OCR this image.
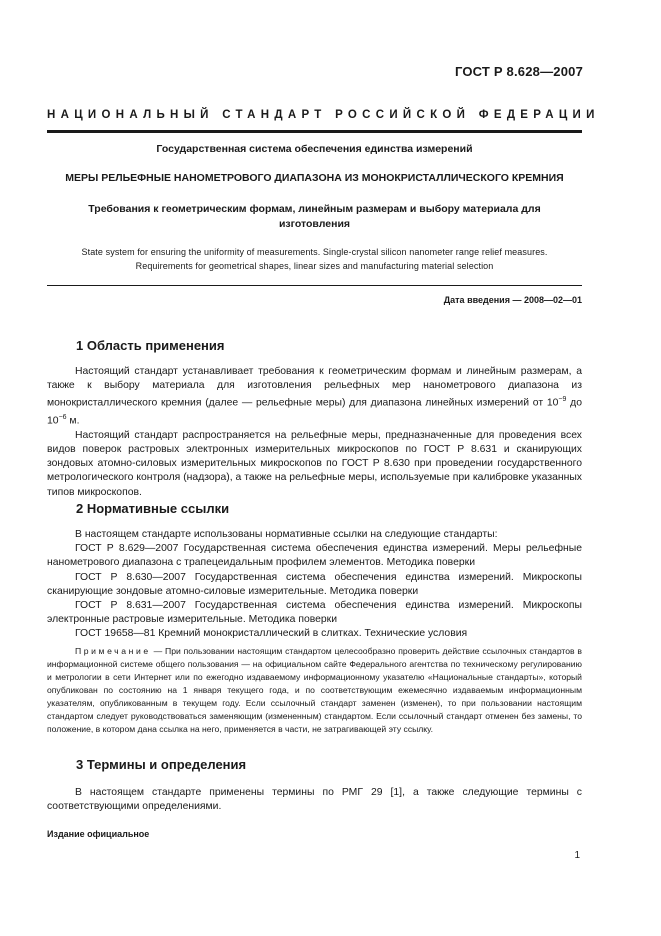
ГОСТ Р 8.628—2007
НАЦИОНАЛЬНЫЙ СТАНДАРТ РОССИЙСКОЙ ФЕДЕРАЦИИ
Государственная система обеспечения единства измерений
МЕРЫ РЕЛЬЕФНЫЕ НАНОМЕТРОВОГО ДИАПАЗОНА ИЗ МОНОКРИСТАЛЛИЧЕСКОГО КРЕМНИЯ
Требования к геометрическим формам, линейным размерам и выбору материала для
изготовления
State system for ensuring the uniformity of measurements. Single-crystal silicon nanometer range relief measures.
Requirements for geometrical shapes, linear sizes and manufacturing material selection
Дата введения — 2008—02—01
1 Область применения

Настоящий стандарт устанавливает требования к геометрическим формам и линейным размерам, а также к выбору материала для изготовления рельефных мер нанометрового диапазона из монокристаллического кремния (далее — рельефные меры) для диапазона линейных измерений от $10^{-9}$ до $10^{-6}$ м.

Настоящий стандарт распространяется на рельефные меры, предназначенные для проведения всех видов поверок растровых электронных измерительных микроскопов по ГОСТ Р 8.631 и сканирующих зондовых атомно-силовых измерительных микроскопов по ГОСТ Р 8.630 при проведении государственного метрологического контроля (надзора), а также на рельефные меры, используемые при калибровке указанных типов микроскопов.

2 Нормативные ссылки

В настоящем стандарте использованы нормативные ссылки на следующие стандарты:

ГОСТ Р 8.629—2007 Государственная система обеспечения единства измерений. Меры рельефные нанометрового диапазона с трапецеидальным профилем элементов. Методика поверки

ГОСТ Р 8.630—2007 Государственная система обеспечения единства измерений. Микроскопы сканирующие зондовые атомно-силовые измерительные. Методика поверки

ГОСТ Р 8.631—2007 Государственная система обеспечения единства измерений. Микроскопы электронные растровые измерительные. Методика поверки

ГОСТ 19658—81 Кремний монокристаллический в слитках. Технические условия

Примечание — При пользовании настоящим стандартом целесообразно проверить действие ссылочных стандартов в информационной системе общего пользования — на официальном сайте Федерального агентства по техническому регулированию и метрологии в сети Интернет или по ежегодно издаваемому информационному указателю «Национальные стандарты», который опубликован по состоянию на 1 января текущего года, и по соответствующим ежемесячно издаваемым информационным указателям, опубликованным в текущем году. Если ссылочный стандарт заменен (изменен), то при пользовании настоящим стандартом следует руководствоваться заменяющим (измененным) стандартом. Если ссылочный стандарт отменен без замены, то положение, в котором дана ссылка на него, применяется в части, не затрагивающей эту ссылку.

3 Термины и определения

В настоящем стандарте применены термины по РМГ 29 [1], а также следующие термины с соответствующими определениями.

Издание официальное
1
